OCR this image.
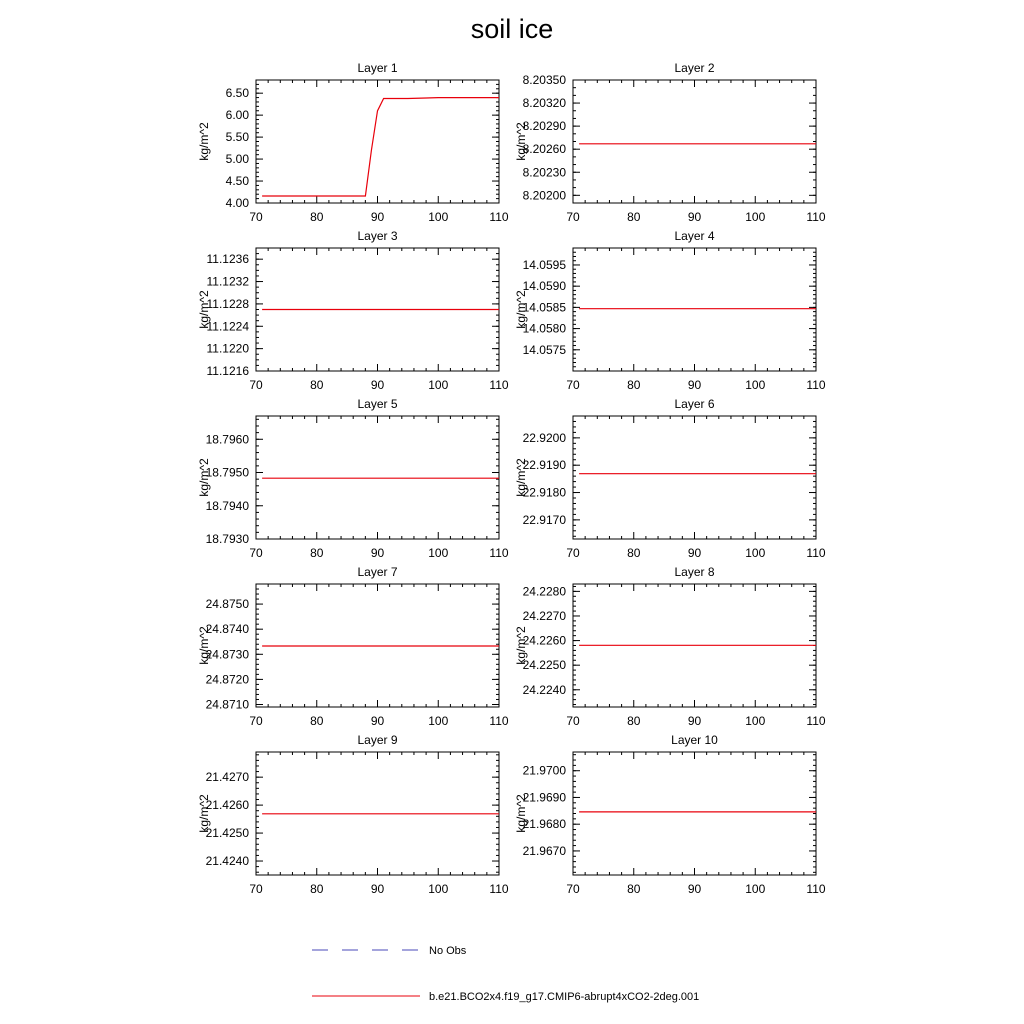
soil ice
Layer 1
kg/m^2
70	80	90	100	110
4.00
4.50
5.00
5.50
6.00
6.50
Layer 2
kg/m^2
70	80	90	100	110
8.20200
8.20230
8.20260
8.20290
8.20320
8.20350
Layer 3
kg/m^2
70	80	90	100	110
11.1216
11.1220
11.1224
11.1228
11.1232
11.1236
Layer 4
kg/m^2
70	80	90	100	110
14.0575
14.0580
14.0585
14.0590
14.0595
Layer 5
kg/m^2
70	80	90	100	110
18.7930
18.7940
18.7950
18.7960
Layer 6
kg/m^2
70	80	90	100	110
22.9170
22.9180
22.9190
22.9200
Layer 7
kg/m^2
70	80	90	100	110
24.8710
24.8720
24.8730
24.8740
24.8750
Layer 8
kg/m^2
70	80	90	100	110
24.2240
24.2250
24.2260
24.2270
24.2280
Layer 9
kg/m^2
70	80	90	100	110
21.4240
21.4250
21.4260
21.4270
Layer 10
kg/m^2
70	80	90	100	110
21.9670
21.9680
21.9690
21.9700
No Obs
b.e21.BCO2x4.f19_g17.CMIP6-abrupt4xCO2-2deg.001
